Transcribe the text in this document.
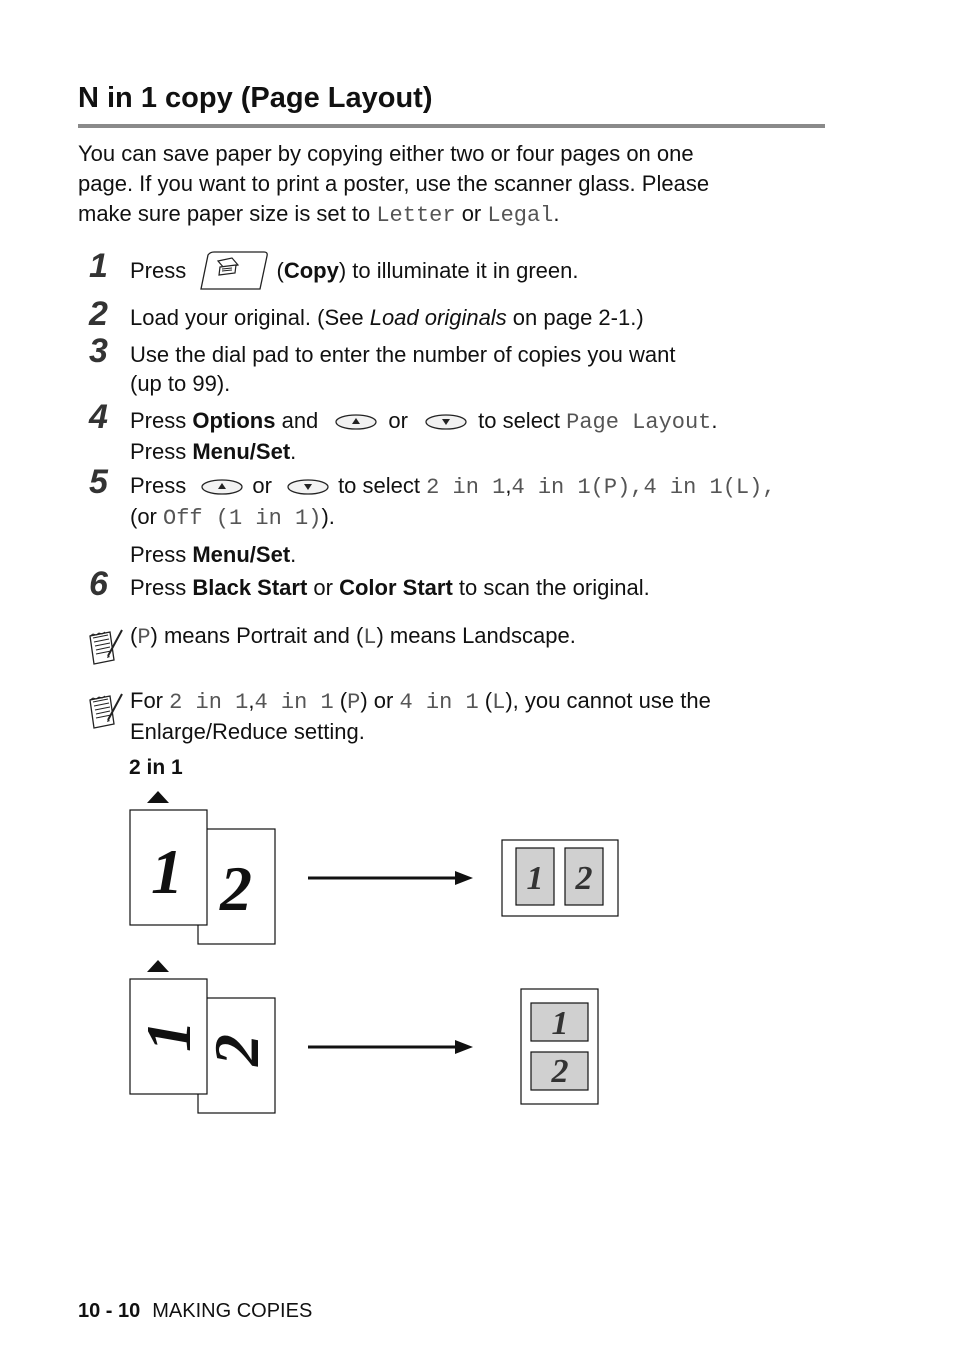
N in 1 copy (Page Layout)
You can save paper by copying either two or four pages on one
page. If you want to print a poster, use the scanner glass. Please
make sure paper size is set to Letter or Legal.
1 Press	(Copy) to illuminate it in green.
2 Load your original. (See Load originals on page 2-1.)
3 Use the dial pad to enter the number of copies you want
(up to 99).
4 Press Options and	or	to select Page Layout.
Press Menu/Set.
5 Press	or	to select 2 in 1,4 in 1(P),4 in 1(L),
(or Off (1 in 1)).
Press Menu/Set.
6 Press Black Start or Color Start to scan the original.
(P) means Portrait and (L) means Landscape.
For 2 in 1,4 in 1 (P) or 4 in 1 (L), you cannot use the
Enlarge/Reduce setting.
2 in 1
1 2	1 2
1
2
1
2
10 - 10 MAKING COPIES
